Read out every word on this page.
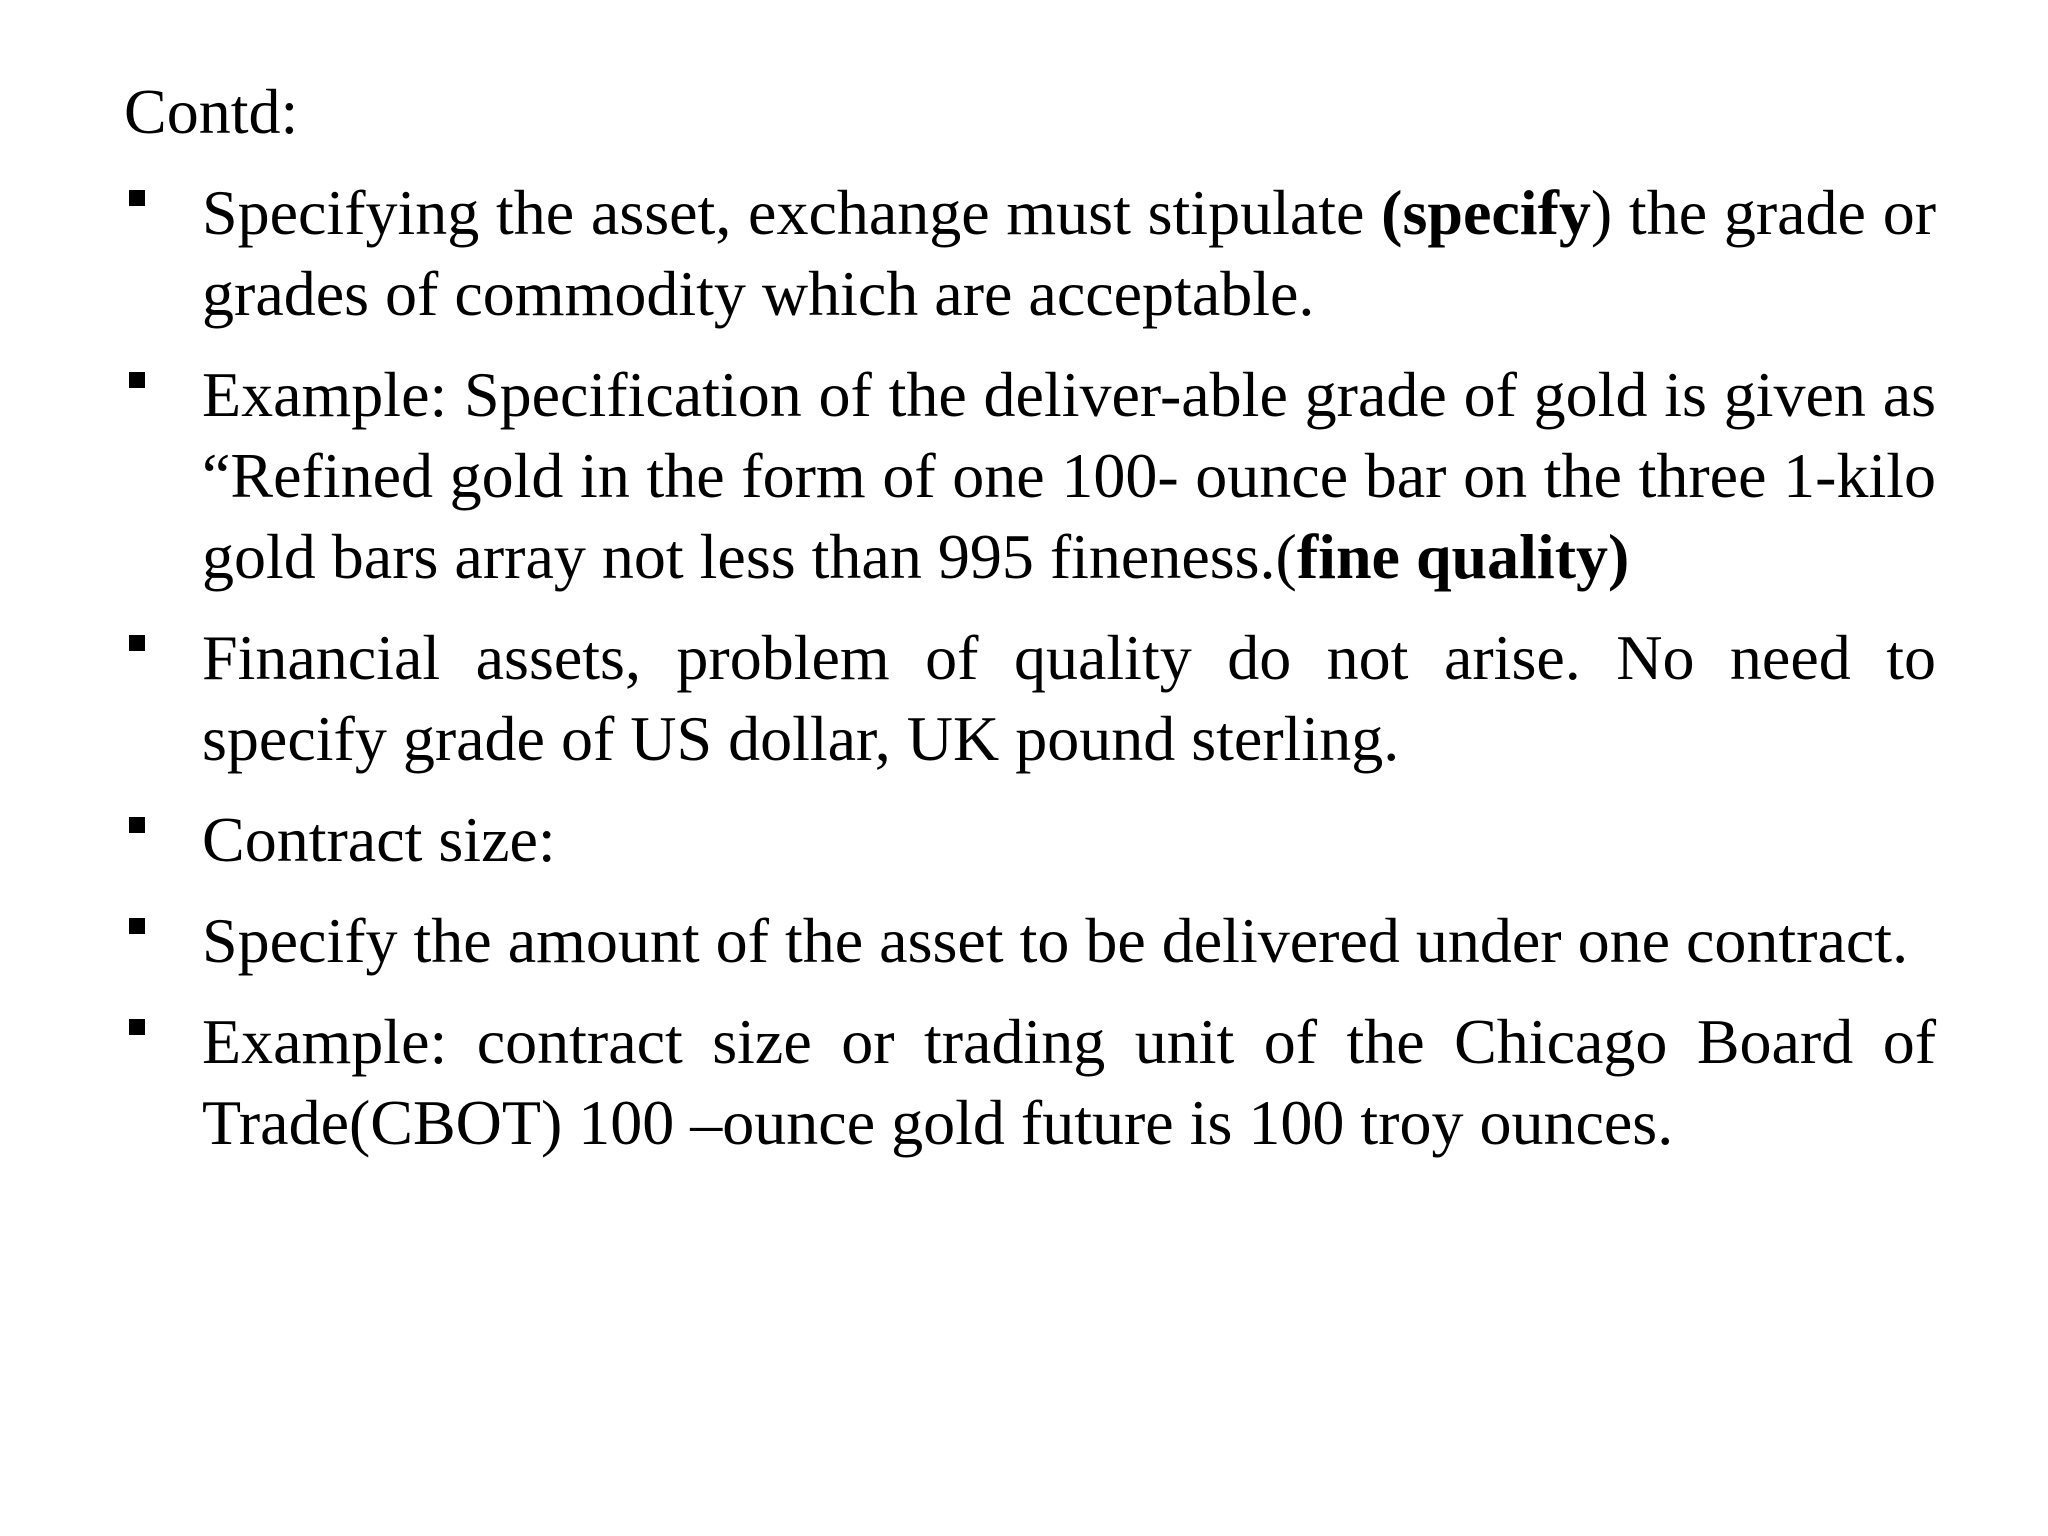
Contd:
Specifying the asset, exchange must stipulate (specify) the grade or grades of commodity which are acceptable.
Example: Specification of the deliver-able grade of gold is given as “Refined gold in the form of one 100- ounce bar on the three 1-kilo gold bars array not less than 995 fineness.(fine quality)
Financial assets, problem of quality do not arise. No need to specify grade of US dollar, UK pound sterling.
Contract size:
Specify the amount of the asset to be delivered under one contract.
Example: contract size or trading unit of the Chicago Board of Trade(CBOT) 100 –ounce gold future is 100 troy ounces.
